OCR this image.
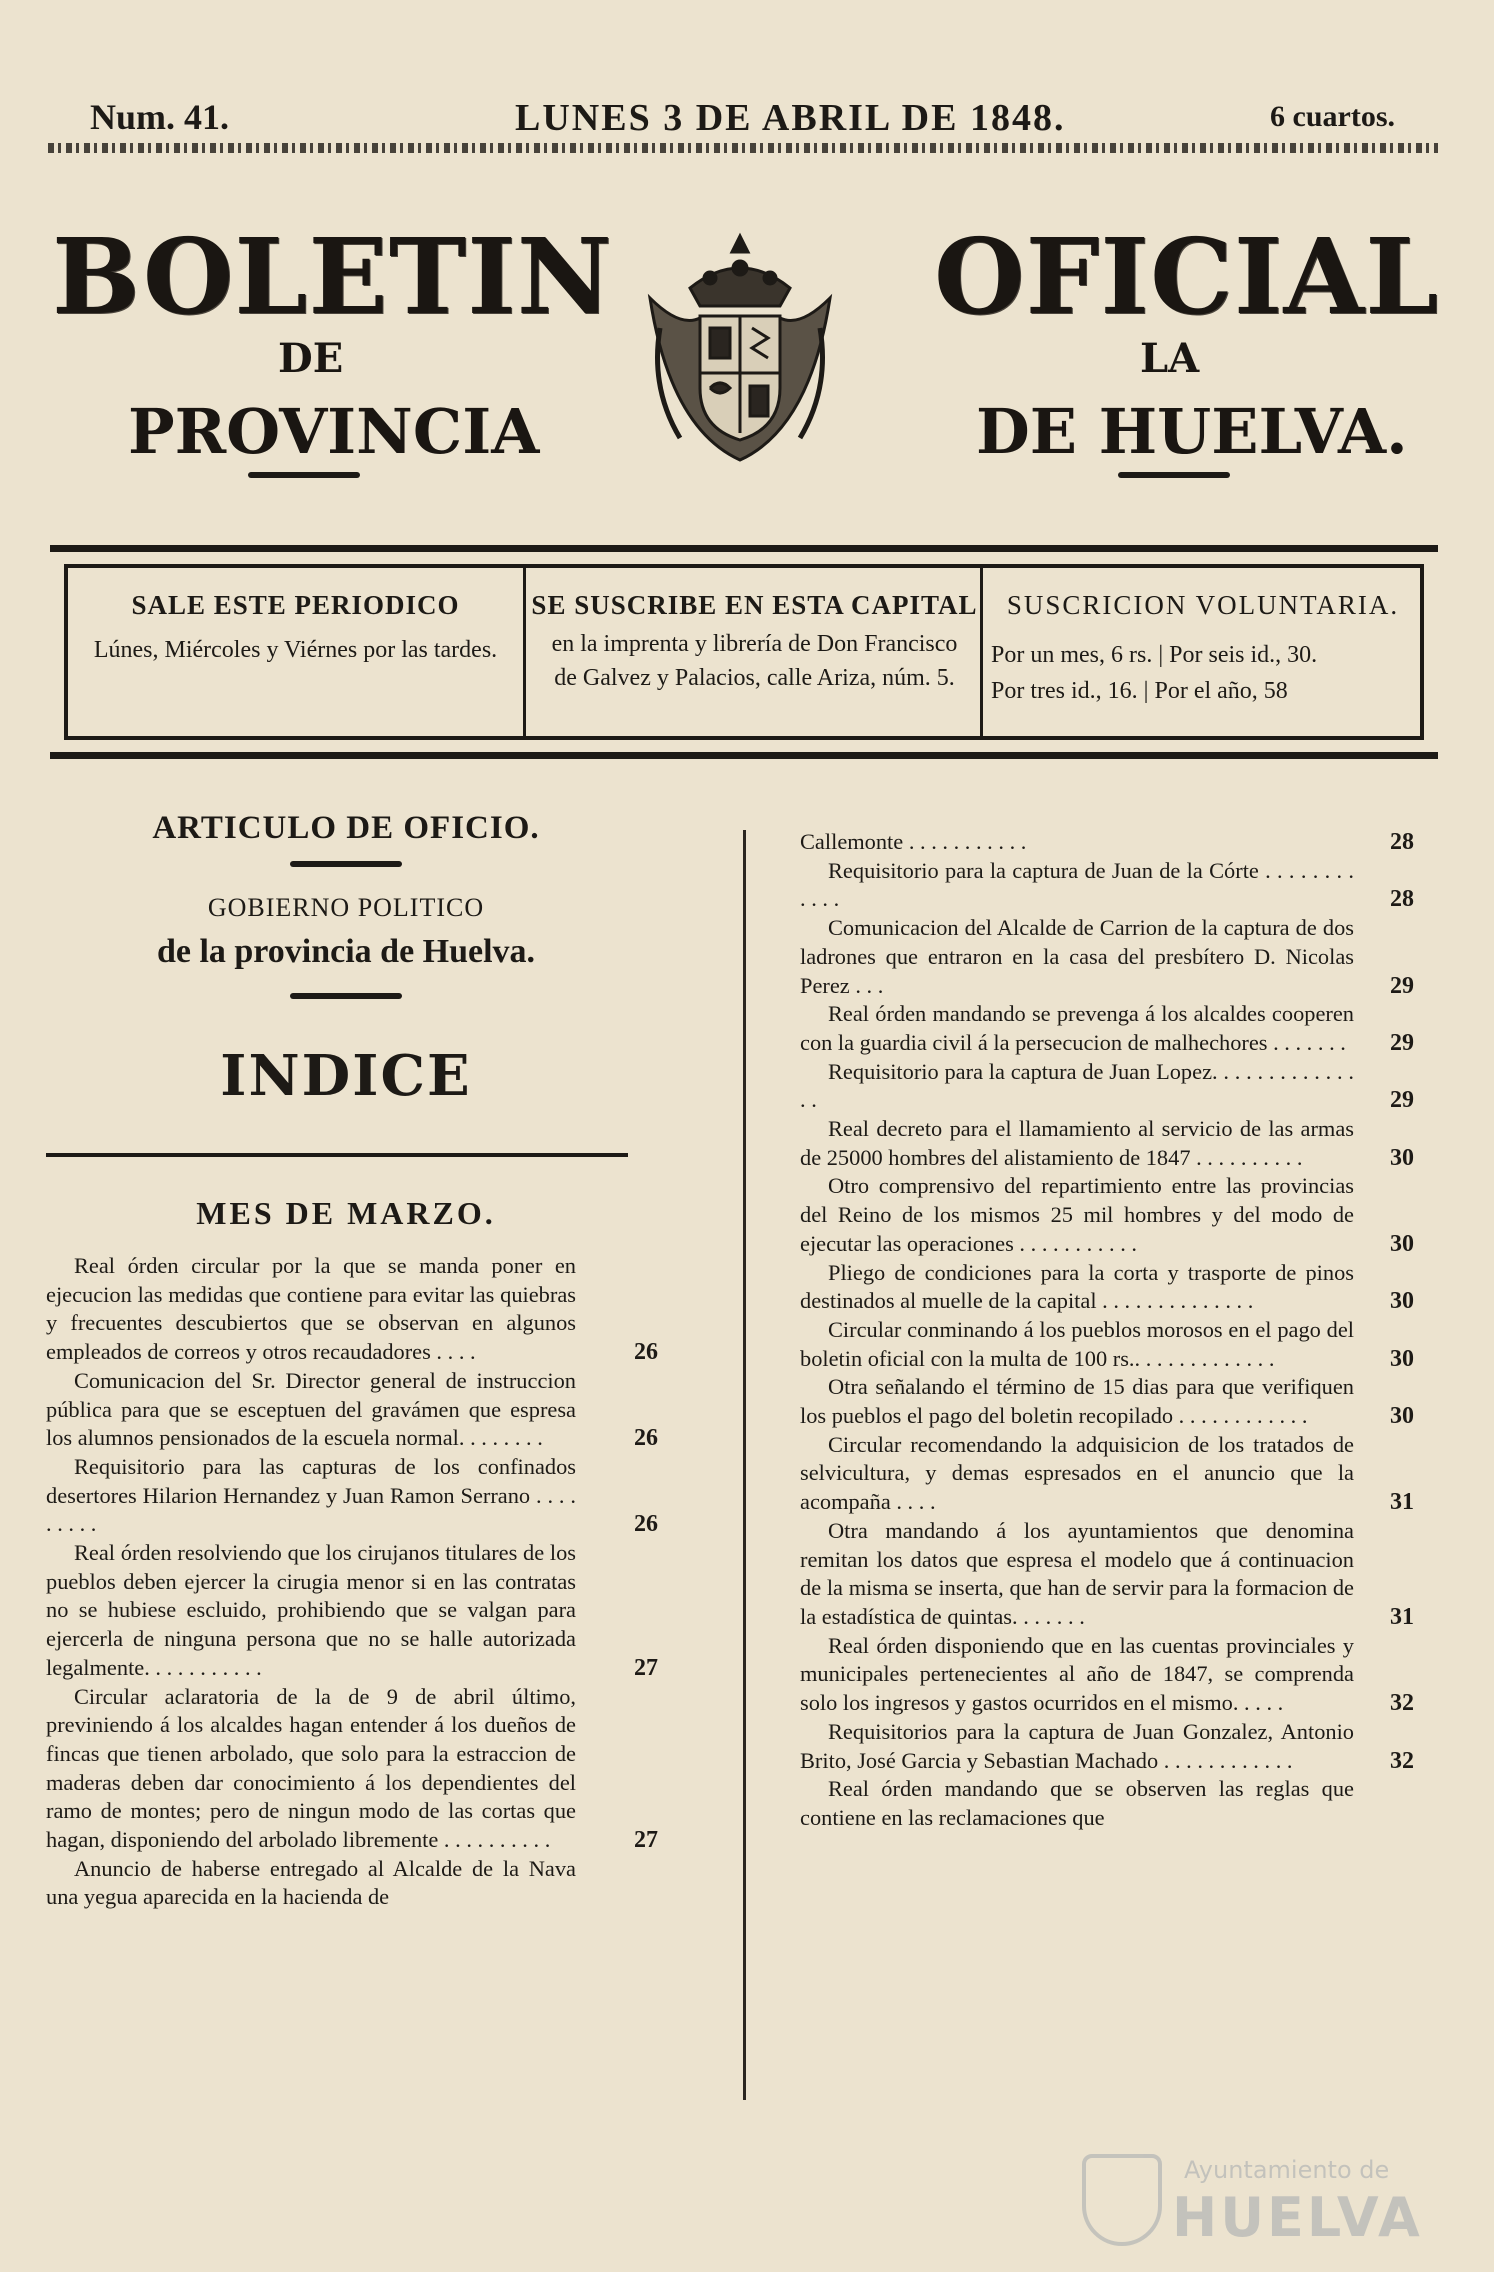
Num. 41.	LUNES 3 DE ABRIL DE 1848.	6 cuartos.
BOLETIN	OFICIAL
DE	LA
PROVINCIA	DE HUELVA.
SALE ESTE PERIODICO
Lúnes, Miércoles y Viérnes por las tardes.
SE SUSCRIBE EN ESTA CAPITAL
en la imprenta y librería de Don Francisco de Galvez y Palacios, calle Ariza, núm. 5.
SUSCRICION VOLUNTARIA.
Por un mes, 6 rs. | Por seis id., 30.
Por tres id., 16. | Por el año, 58
ARTICULO DE OFICIO.
GOBIERNO POLITICO
de la provincia de Huelva.
INDICE
MES DE MARZO.
Real órden circular por la que se manda poner en ejecucion las medidas que contiene para evitar las quiebras y frecuentes descubiertos que se observan en algunos empleados de correos y otros recaudadores . . . .	26
Comunicacion del Sr. Director general de instruccion pública para que se esceptuen del gravámen que espresa los alumnos pensionados de la escuela normal. . . . . . . .	26
Requisitorio para las capturas de los confinados desertores Hilarion Hernandez y Juan Ramon Serrano . . . . . . . . .	26
Real órden resolviendo que los cirujanos titulares de los pueblos deben ejercer la cirugia menor si en las contratas no se hubiese escluido, prohibiendo que se valgan para ejercerla de ninguna persona que no se halle autorizada legalmente. . . . . . . . . . .	27
Circular aclaratoria de la de 9 de abril último, previniendo á los alcaldes hagan entender á los dueños de fincas que tienen arbolado, que solo para la estraccion de maderas deben dar conocimiento á los dependientes del ramo de montes; pero de ningun modo de las cortas que hagan, disponiendo del arbolado libremente . . . . . . . . . .	27
Anuncio de haberse entregado al Alcalde de la Nava una yegua aparecida en la hacienda de
Callemonte . . . . . . . . . . .	28
Requisitorio para la captura de Juan de la Córte . . . . . . . . . . . .	28
Comunicacion del Alcalde de Carrion de la captura de dos ladrones que entraron en la casa del presbítero D. Nicolas Perez . . .	29
Real órden mandando se prevenga á los alcaldes cooperen con la guardia civil á la persecucion de malhechores . . . . . . .	29
Requisitorio para la captura de Juan Lopez. . . . . . . . . . . . . . .	29
Real decreto para el llamamiento al servicio de las armas de 25000 hombres del alistamiento de 1847 . . . . . . . . . .	30
Otro comprensivo del repartimiento entre las provincias del Reino de los mismos 25 mil hombres y del modo de ejecutar las operaciones . . . . . . . . . . .	30
Pliego de condiciones para la corta y trasporte de pinos destinados al muelle de la capital . . . . . . . . . . . . . .	30
Circular conminando á los pueblos morosos en el pago del boletin oficial con la multa de 100 rs.. . . . . . . . . . . . .	30
Otra señalando el término de 15 dias para que verifiquen los pueblos el pago del boletin recopilado . . . . . . . . . . . .	30
Circular recomendando la adquisicion de los tratados de selvicultura, y demas espresados en el anuncio que la acompaña . . . .	31
Otra mandando á los ayuntamientos que denomina remitan los datos que espresa el modelo que á continuacion de la misma se inserta, que han de servir para la formacion de la estadística de quintas. . . . . . .	31
Real órden disponiendo que en las cuentas provinciales y municipales pertenecientes al año de 1847, se comprenda solo los ingresos y gastos ocurridos en el mismo. . . . .	32
Requisitorios para la captura de Juan Gonzalez, Antonio Brito, José Garcia y Sebastian Machado . . . . . . . . . . . .	32
Real órden mandando que se observen las reglas que contiene en las reclamaciones que
Ayuntamiento de
HUELVA
